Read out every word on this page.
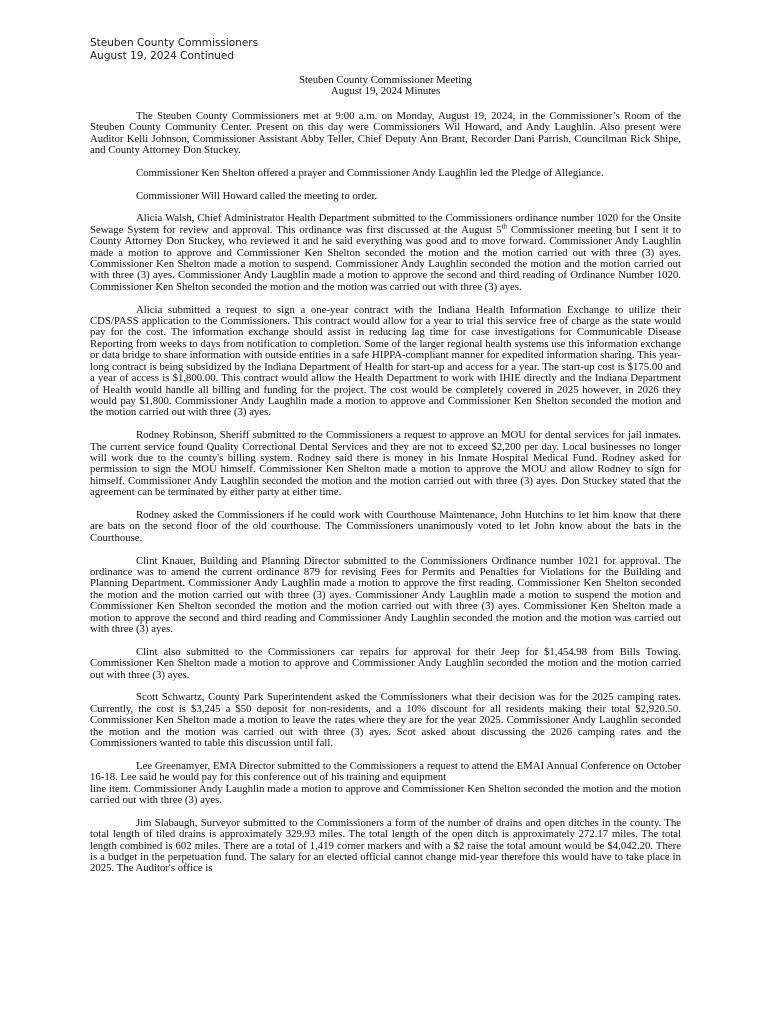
Steuben County Commissioners
August 19, 2024 Continued

Steuben County Commissioner Meeting

August 19, 2024 Minutes

The Steuben County Commissioners met at 9:00 a.m. on Monday, August 19, 2024, in the Commissioner’s Room of the Steuben County Community Center. Present on this day were Commissioners Wil Howard, and Andy Laughlin. Also present were Auditor Kelli Johnson, Commissioner Assistant Abby Teller, Chief Deputy Ann Brant, Recorder Dani Parrish, Councilman Rick Shipe, and County Attorney Don Stuckey.

Commissioner Ken Shelton offered a prayer and Commissioner Andy Laughlin led the Pledge of Allegiance.

Commissioner Will Howard called the meeting to order.

Alicia Walsh, Chief Administrator Health Department submitted to the Commissioners ordinance number 1020 for the Onsite Sewage System for review and approval. This ordinance was first discussed at the August 5th Commissioner meeting but I sent it to County Attorney Don Stuckey, who reviewed it and he said everything was good and to move forward. Commissioner Andy Laughlin made a motion to approve and Commissioner Ken Shelton seconded the motion and the motion carried out with three (3) ayes. Commissioner Ken Shelton made a motion to suspend. Commissioner Andy Laughlin seconded the motion and the motion carried out with three (3) ayes. Commissioner Andy Laughlin made a motion to approve the second and third reading of Ordinance Number 1020. Commissioner Ken Shelton seconded the motion and the motion was carried out with three (3) ayes.

Alicia submitted a request to sign a one-year contract with the Indiana Health Information Exchange to utilize their CDS/PASS application to the Commissioners. This contract would allow for a year to trial this service free of charge as the state would pay for the cost. The information exchange should assist in reducing lag time for case investigations for Communicable Disease Reporting from weeks to days from notification to completion. Some of the larger regional health systems use this information exchange or data bridge to share information with outside entities in a safe HIPPA-compliant manner for expedited information sharing. This year-long contract is being subsidized by the Indiana Department of Health for start-up and access for a year. The start-up cost is $175.00 and a year of access is $1,800.00. This contract would allow the Health Department to work with IHIE directly and the Indiana Department of Health would handle all billing and funding for the project. The cost would be completely covered in 2025 however, in 2026 they would pay $1,800. Commissioner Andy Laughlin made a motion to approve and Commissioner Ken Shelton seconded the motion and the motion carried out with three (3) ayes.

Rodney Robinson, Sheriff submitted to the Commissioners a request to approve an MOU for dental services for jail inmates. The current service found Quality Correctional Dental Services and they are not to exceed $2,200 per day. Local businesses no longer will work due to the county's billing system. Rodney said there is money in his Inmate Hospital Medical Fund. Rodney asked for permission to sign the MOU himself. Commissioner Ken Shelton made a motion to approve the MOU and allow Rodney to sign for himself. Commissioner Andy Laughlin seconded the motion and the motion carried out with three (3) ayes. Don Stuckey stated that the agreement can be terminated by either party at either time.

Rodney asked the Commissioners if he could work with Courthouse Maintenance, John Hutchins to let him know that there are bats on the second floor of the old courthouse. The Commissioners unanimously voted to let John know about the bats in the Courthouse.

Clint Knauer, Building and Planning Director submitted to the Commissioners Ordinance number 1021 for approval. The ordinance was to amend the current ordinance 879 for revising Fees for Permits and Penalties for Violations for the Building and Planning Department. Commissioner Andy Laughlin made a motion to approve the first reading. Commissioner Ken Shelton seconded the motion and the motion carried out with three (3) ayes. Commissioner Andy Laughlin made a motion to suspend the motion and Commissioner Ken Shelton seconded the motion and the motion carried out with three (3) ayes. Commissioner Ken Shelton made a motion to approve the second and third reading and Commissioner Andy Laughlin seconded the motion and the motion was carried out with three (3) ayes.

Clint also submitted to the Commissioners car repairs for approval for their Jeep for $1,454.98 from Bills Towing. Commissioner Ken Shelton made a motion to approve and Commissioner Andy Laughlin seconded the motion and the motion carried out with three (3) ayes.

Scott Schwartz, County Park Superintendent asked the Commissioners what their decision was for the 2025 camping rates. Currently, the cost is $3,245 a $50 deposit for non-residents, and a 10% discount for all residents making their total $2,920.50. Commissioner Ken Shelton made a motion to leave the rates where they are for the year 2025. Commissioner Andy Laughlin seconded the motion and the motion was carried out with three (3) ayes. Scot asked about discussing the 2026 camping rates and the Commissioners wanted to table this discussion until fall.

Lee Greenamyer, EMA Director submitted to the Commissioners a request to attend the EMAI Annual Conference on October 16-18. Lee said he would pay for this conference out of his training and equipment
line item. Commissioner Andy Laughlin made a motion to approve and Commissioner Ken Shelton seconded the motion and the motion carried out with three (3) ayes.

Jim Slabaugh, Surveyor submitted to the Commissioners a form of the number of drains and open ditches in the county. The total length of tiled drains is approximately 329.93 miles. The total length of the open ditch is approximately 272.17 miles. The total length combined is 602 miles. There are a total of 1,419 corner markers and with a $2 raise the total amount would be $4,042.20. There is a budget in the perpetuation fund. The salary for an elected official cannot change mid-year therefore this would have to take place in 2025. The Auditor's office is
